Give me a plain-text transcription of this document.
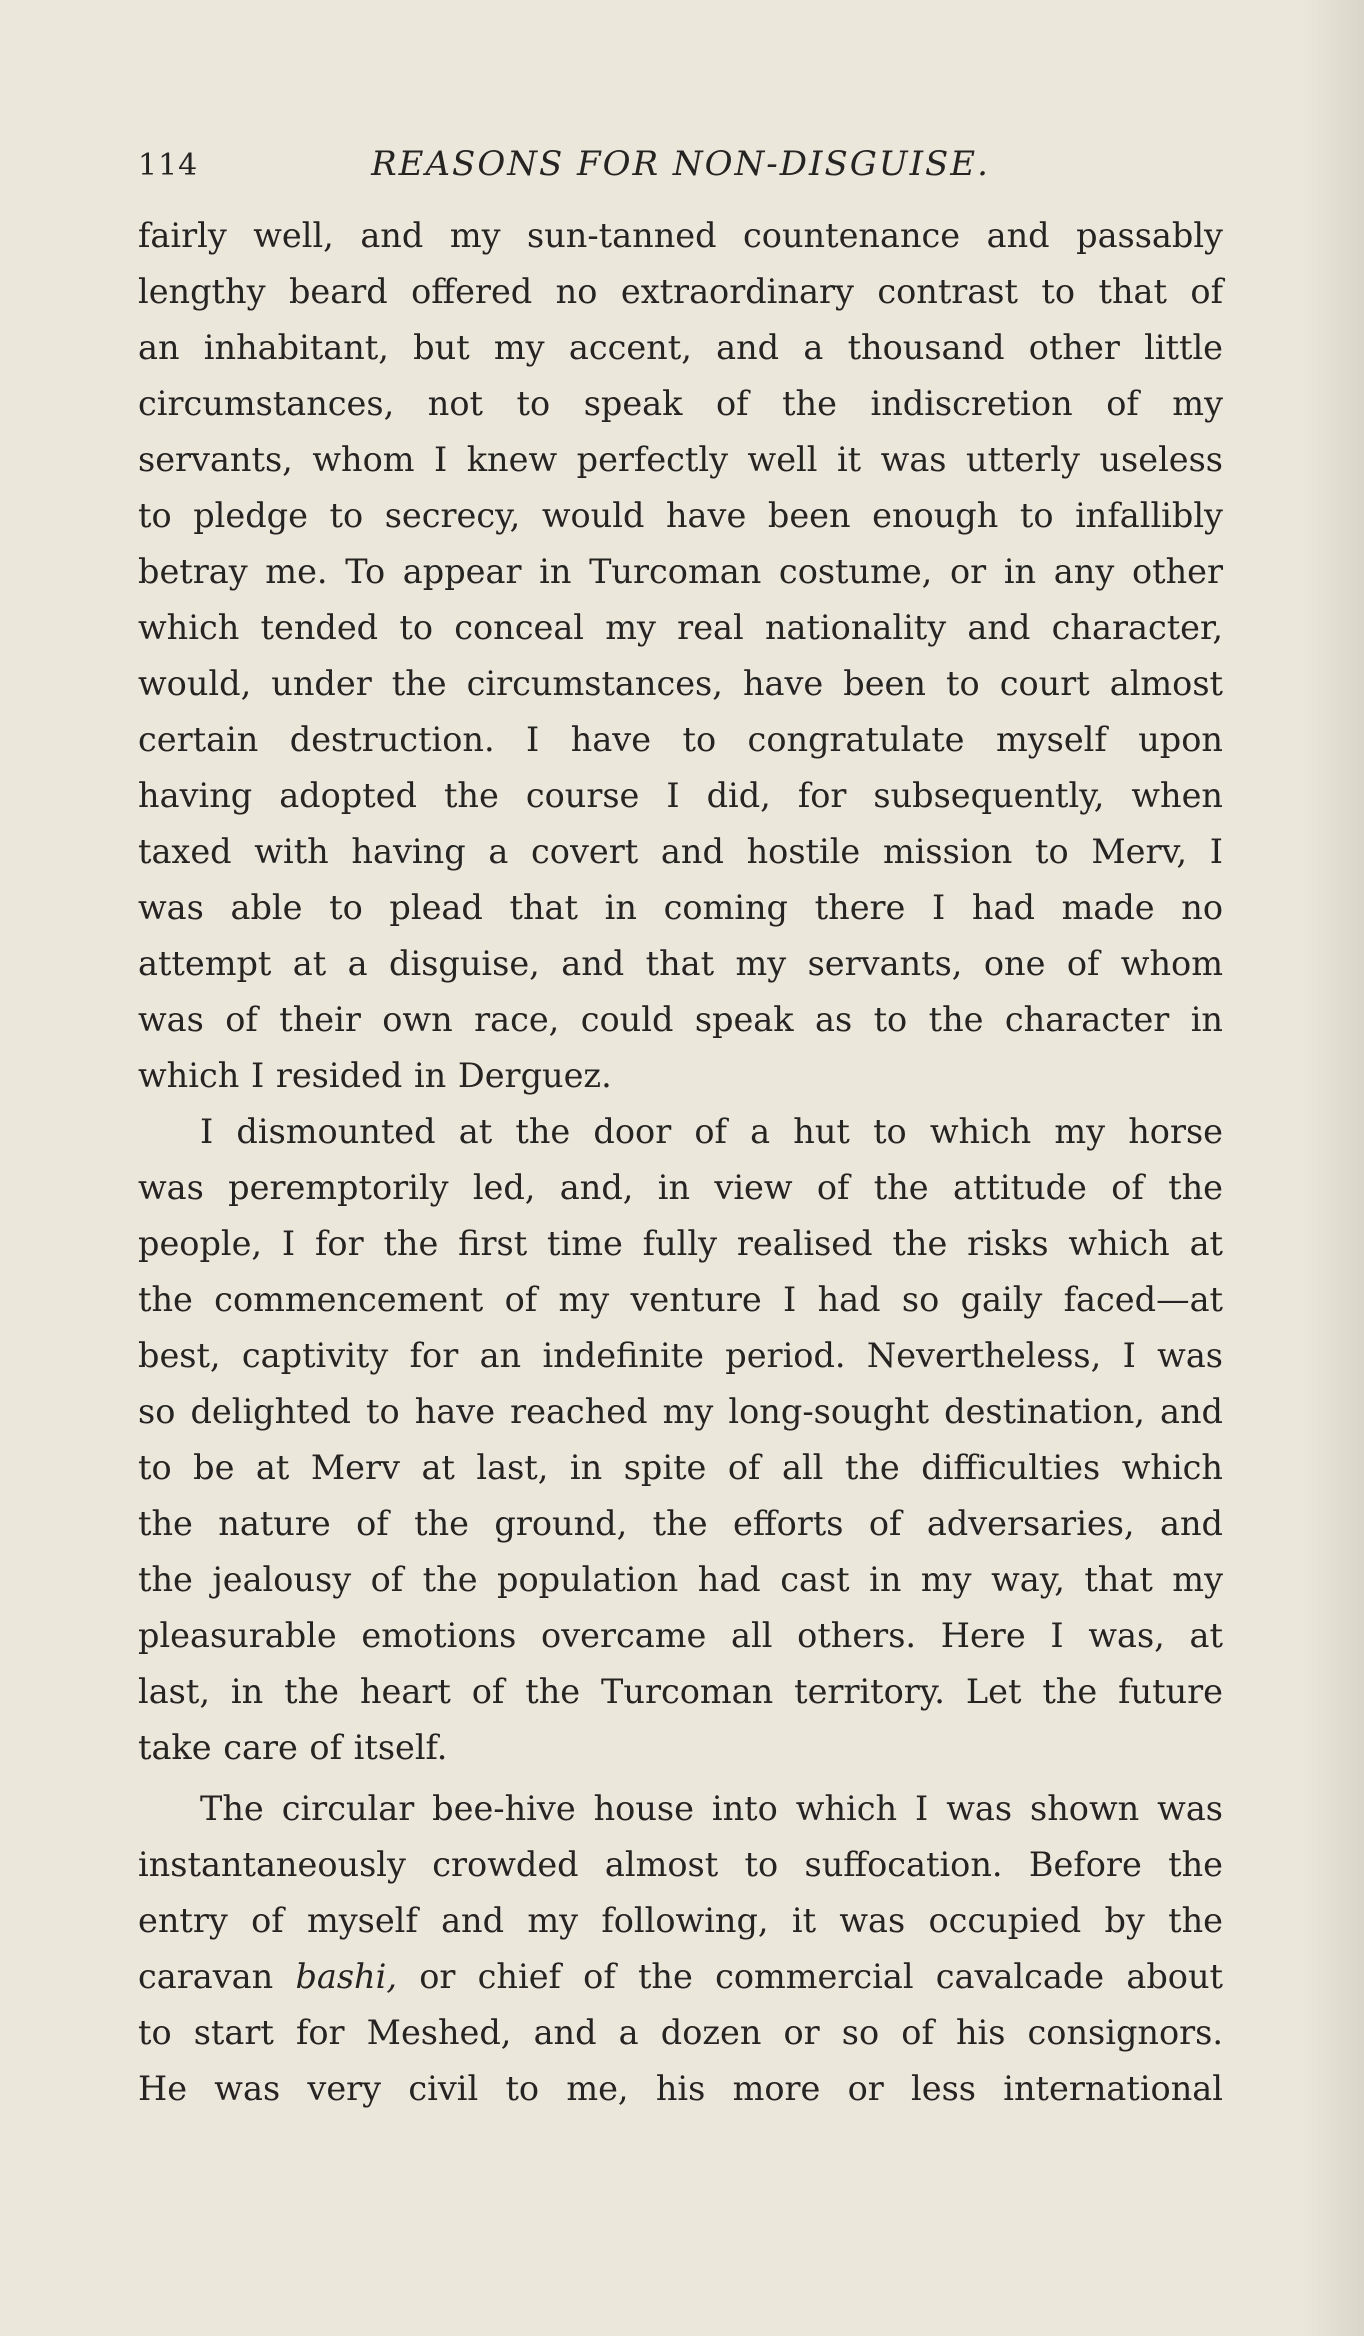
114	REASONS FOR NON-DISGUISE.

fairly well, and my sun-tanned countenance and passably

lengthy beard offered no extraordinary contrast to that of

an inhabitant, but my accent, and a thousand other little

circumstances, not to speak of the indiscretion of my

servants, whom I knew perfectly well it was utterly useless

to pledge to secrecy, would have been enough to infallibly

betray me. To appear in Turcoman costume, or in any other

which tended to conceal my real nationality and character,

would, under the circumstances, have been to court almost

certain destruction. I have to congratulate myself upon

having adopted the course I did, for subsequently, when

taxed with having a covert and hostile mission to Merv, I

was able to plead that in coming there I had made no

attempt at a disguise, and that my servants, one of whom

was of their own race, could speak as to the character in

which I resided in Derguez.

I dismounted at the door of a hut to which my horse

was peremptorily led, and, in view of the attitude of the

people, I for the first time fully realised the risks which at

the commencement of my venture I had so gaily faced—at

best, captivity for an indefinite period. Nevertheless, I was

so delighted to have reached my long-sought destination, and

to be at Merv at last, in spite of all the difficulties which

the nature of the ground, the efforts of adversaries, and

the jealousy of the population had cast in my way, that my

pleasurable emotions overcame all others. Here I was, at

last, in the heart of the Turcoman territory. Let the future

take care of itself.

The circular bee-hive house into which I was shown was

instantaneously crowded almost to suffocation. Before the

entry of myself and my following, it was occupied by the

caravan bashi, or chief of the commercial cavalcade about

to start for Meshed, and a dozen or so of his consignors.

He was very civil to me, his more or less international
